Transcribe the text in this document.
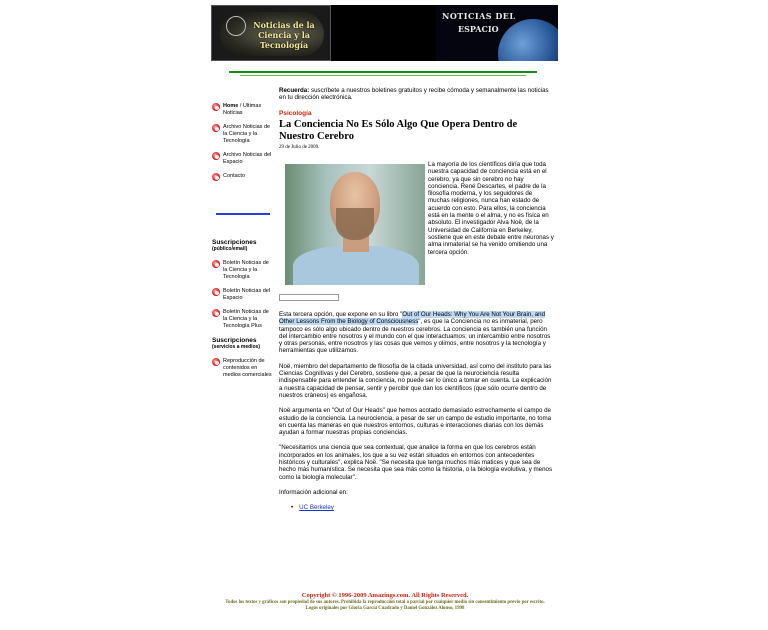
Noticias de la Ciencia y la Tecnología
NOTICIAS DEL
ESPACIO
Home / Ultimas Noticias
Archivo Noticias de la Ciencia y la Tecnología
Archivo Noticias del Espacio
Contacto

Suscripciones

(público/email)

Boletín Noticias de la Ciencia y la Tecnología
Boletín Noticias del Espacio
Boletín Noticias de la Ciencia y la Tecnología Plus

Suscripciones

(servicios a medios)

Reproducción de contenidos en medios comerciales
Recuerda: suscríbete a nuestros boletines gratuitos y recibe cómoda y semanalmente las noticias en tu dirección electrónica.
Psicología
La Conciencia No Es Sólo Algo Que Opera Dentro de Nuestro Cerebro
29 de Julio de 2009.
La mayoría de los científicos diría que toda nuestra capacidad de conciencia está en el cerebro, ya que sin cerebro no hay conciencia. René Descartes, el padre de la filosofía moderna, y los seguidores de muchas religiones, nunca han estado de acuerdo con esto. Para ellos, la conciencia está en la mente o el alma, y no es física en absoluto. El investigador Alva Noë, de la Universidad de California en Berkeley, sostiene que en este debate entre neuronas y alma inmaterial se ha venido omitiendo una tercera opción.

Esta tercera opción, que expone en su libro "Out of Our Heads: Why You Are Not Your Brain, and Other Lessons From the Biology of Consciousness", es que la Conciencia no es inmaterial, pero tampoco es sólo algo ubicado dentro de nuestros cerebros. La conciencia es también una función del intercambio entre nosotros y el mundo con el que interactuamos; un intercambio entre nosotros y otras personas, entre nosotros y las cosas que vemos y olimos, entre nosotros y la tecnología y herramientas que utilizamos.

Noë, miembro del departamento de filosofía de la citada universidad, así como del instituto para las Ciencias Cognitivas y del Cerebro, sostiene que, a pesar de que la neurociencia resulta indispensable para entender la conciencia, no puede ser lo único a tomar en cuenta. La explicación a nuestra capacidad de pensar, sentir y percibir que dan los científicos (que sólo ocurre dentro de nuestros cráneos) es engañosa.

Noë argumenta en "Out of Our Heads" que hemos acotado demasiado estrechamente el campo de estudio de la conciencia. La neurociencia, a pesar de ser un campo de estudio importante, no toma en cuenta las maneras en que nuestros entornos, culturas e interacciones diarias con los demás ayudan a formar nuestras propias conciencias.

"Necesitamos una ciencia que sea contextual, que analice la forma en que los cerebros están incorporados en los animales, los que a su vez están situados en entornos con antecedentes históricos y culturales", explica Noë. "Se necesita que tenga muchos más matices y que sea de hecho más humanística. Se necesita que sea más como la historia, o la biología evolutiva, y menos como la biología molecular".

Información adicional en:

• UC Berkeley
Copyright © 1996-2009 Amazings.com. All Rights Reserved.
Todos los textos y gráficos son propiedad de sus autores. Prohibida la reproducción total o parcial por cualquier medio sin consentimiento previo por escrito.
Logos originales por Gloria García Cuadrado y Daniel González Alonso, 1998
